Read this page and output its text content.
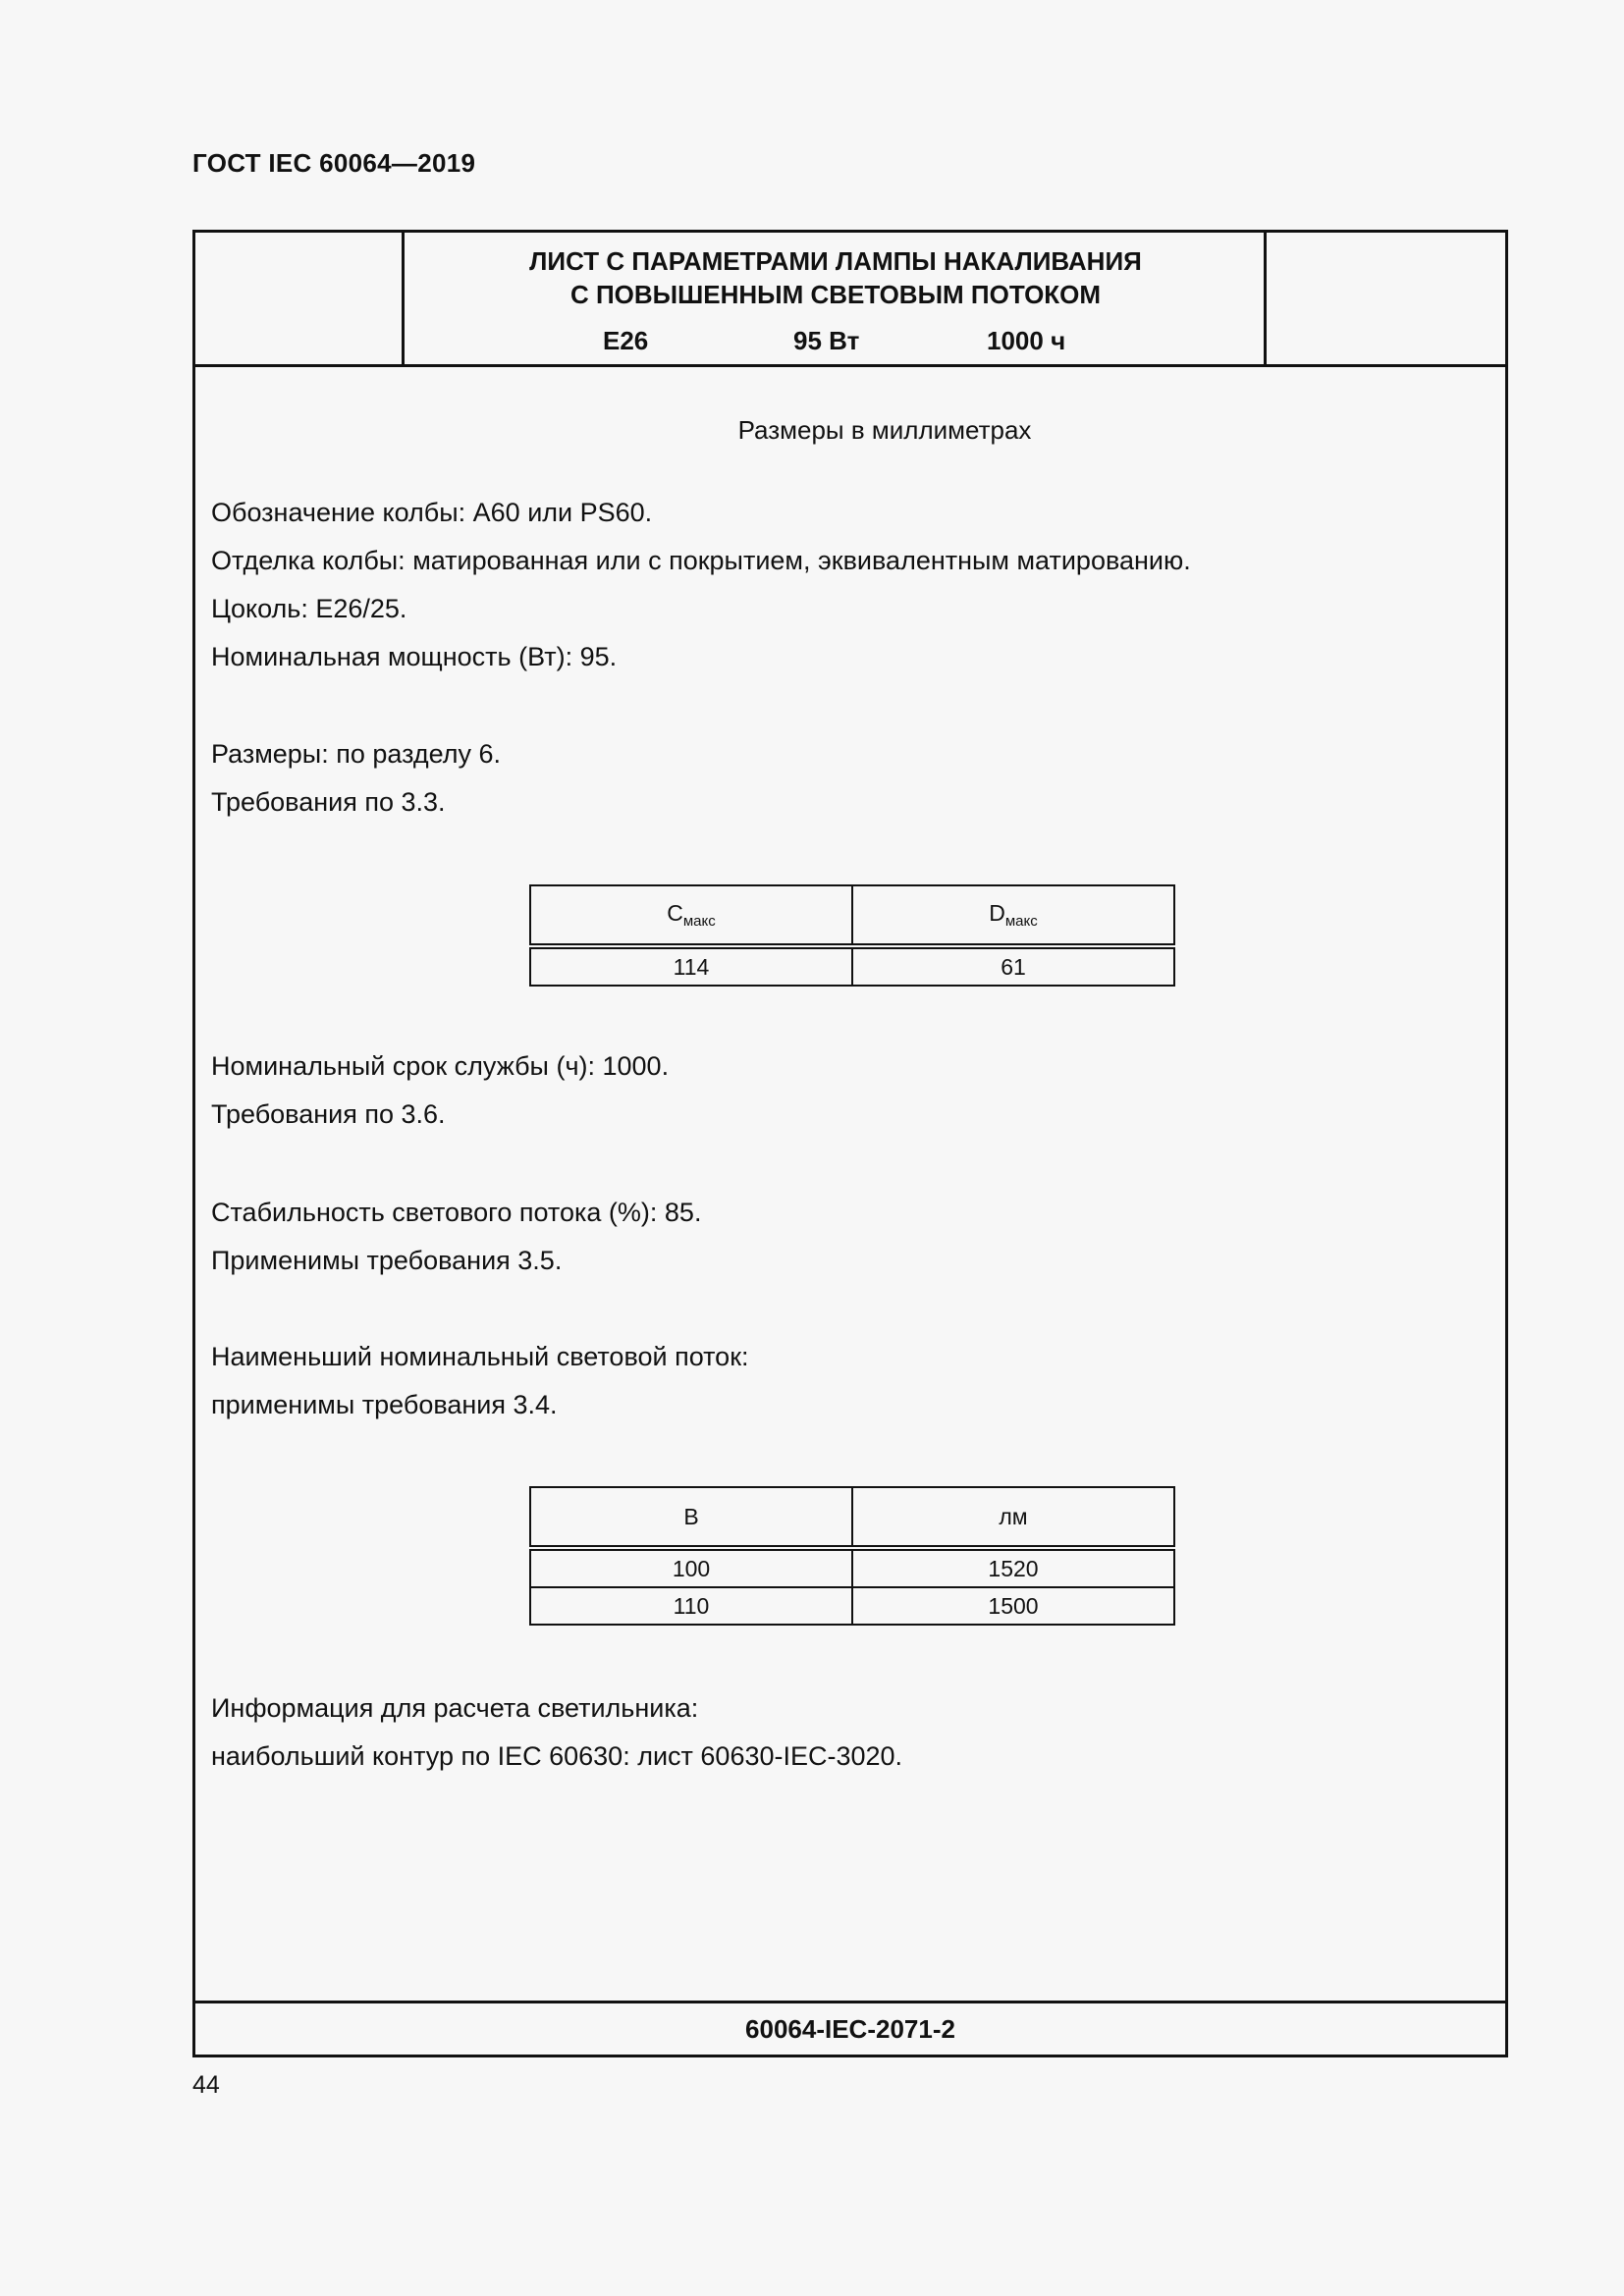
ГОСТ IEC 60064—2019
ЛИСТ С ПАРАМЕТРАМИ ЛАМПЫ НАКАЛИВАНИЯ
С ПОВЫШЕННЫМ СВЕТОВЫМ ПОТОКОМ
E26	95 Вт	1000 ч
Размеры в миллиметрах
Обозначение колбы: A60 или PS60.
Отделка колбы: матированная или с покрытием, эквивалентным матированию.
Цоколь: E26/25.
Номинальная мощность (Вт): 95.
Размеры: по разделу 6.
Требования по 3.3.
$C_{макс}$	$D_{макс}$
114	61
Номинальный срок службы (ч): 1000.
Требования по 3.6.
Стабильность светового потока (%): 85.
Применимы требования 3.5.
Наименьший номинальный световой поток:
применимы требования 3.4.
В	лм
100	1520
110	1500
Информация для расчета светильника:
наибольший контур по IEC 60630: лист 60630-IEC-3020.
60064-IEC-2071-2
44
